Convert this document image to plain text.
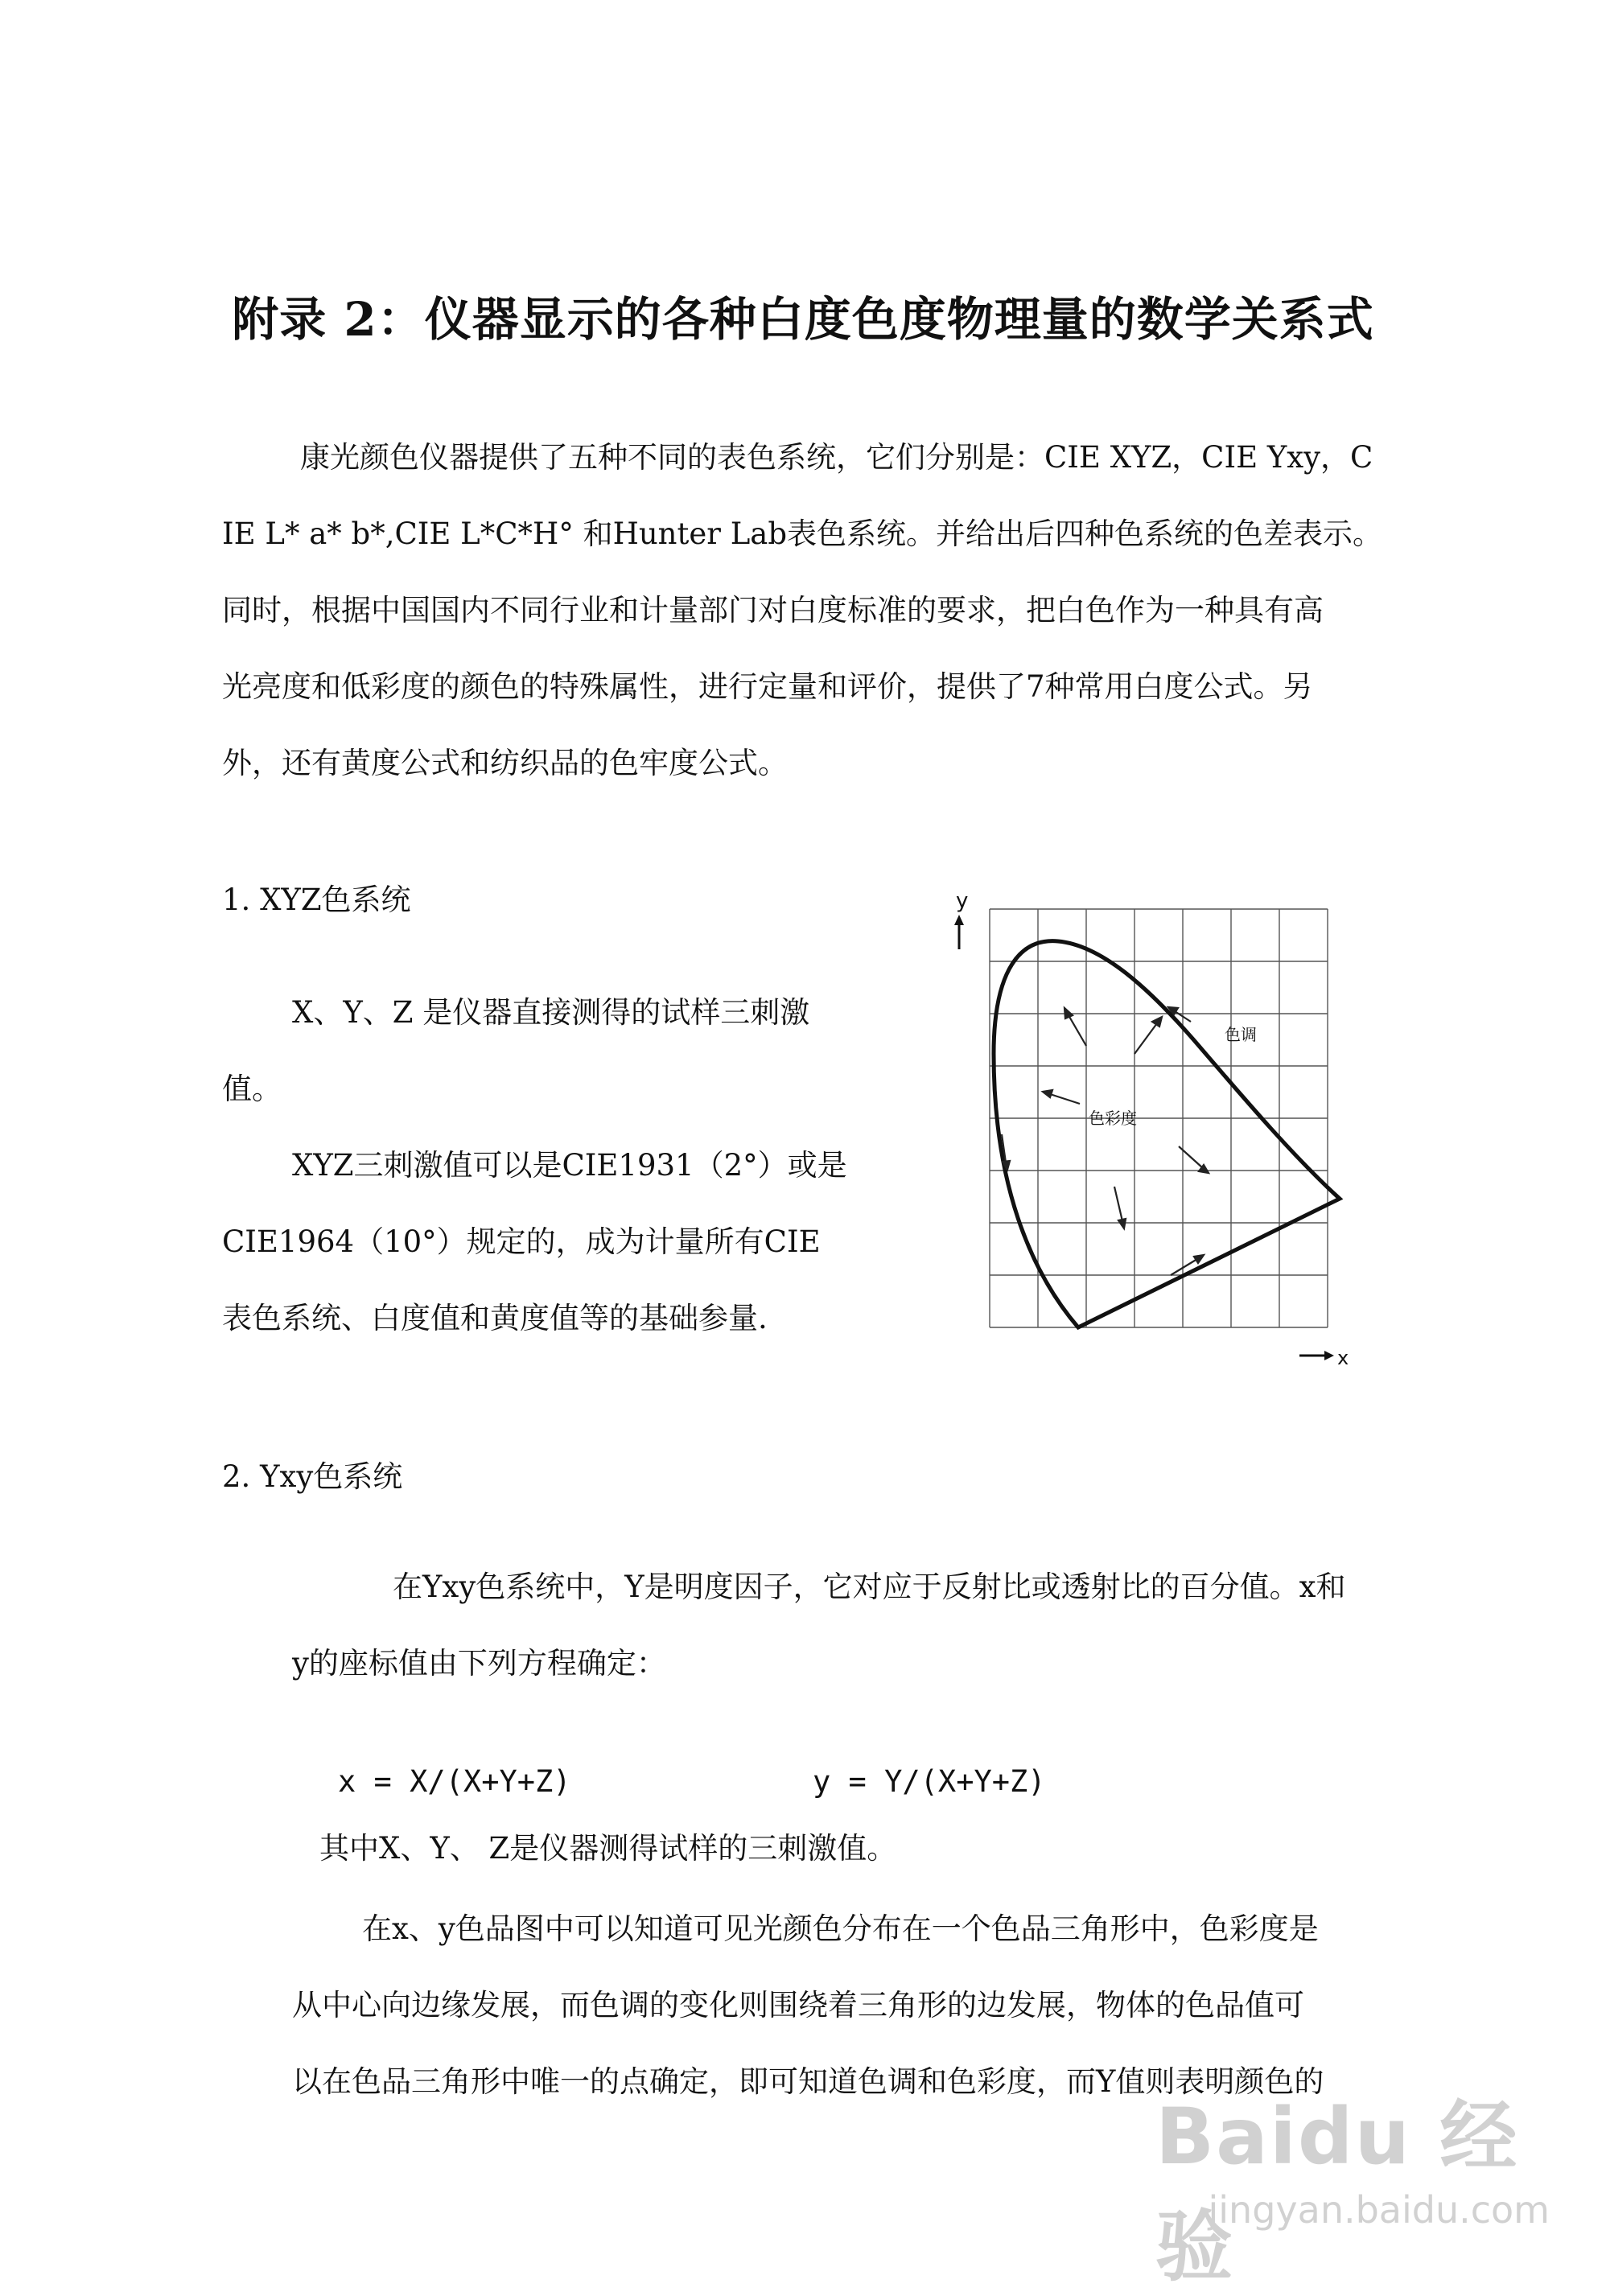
附录 2：仪器显示的各种白度色度物理量的数学关系式
康光颜色仪器提供了五种不同的表色系统，它们分别是：CIE XYZ，CIE Yxy，C
IE L* a* b*,CIE L*C*H° 和Hunter Lab表色系统。并给出后四种色系统的色差表示。
同时，根据中国国内不同行业和计量部门对白度标准的要求，把白色作为一种具有高
光亮度和低彩度的颜色的特殊属性，进行定量和评价，提供了7种常用白度公式。另
外，还有黄度公式和纺织品的色牢度公式。
1. XYZ色系统
X、Y、Z 是仪器直接测得的试样三刺激
值。
XYZ三刺激值可以是CIE1931（2°）或是
CIE1964（10°）规定的，成为计量所有CIE
表色系统、白度值和黄度值等的基础参量.
y
x
色调
色彩度
2. Yxy色系统
在Yxy色系统中，Y是明度因子，它对应于反射比或透射比的百分值。x和
y的座标值由下列方程确定：
x = X/(X+Y+Z)	y = Y/(X+Y+Z)
其中X、Y、 Z是仪器测得试样的三刺激值。
在x、y色品图中可以知道可见光颜色分布在一个色品三角形中，色彩度是
从中心向边缘发展，而色调的变化则围绕着三角形的边发展，物体的色品值可
以在色品三角形中唯一的点确定，即可知道色调和色彩度，而Y值则表明颜色的
Baidu 经验
jingyan.baidu.com
